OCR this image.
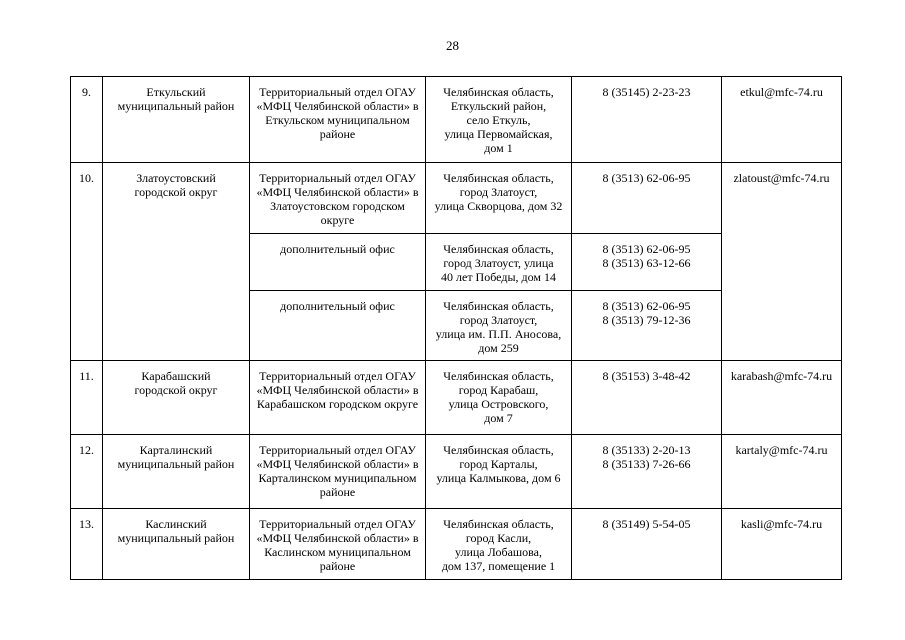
28
9.	Еткульский
муниципальный район	Территориальный отдел ОГАУ
«МФЦ Челябинской области» в
Еткульском муниципальном
районе	Челябинская область,
Еткульский район,
село Еткуль,
улица Первомайская,
дом 1	8 (35145) 2-23-23	etkul@mfc-74.ru
10.	Златоустовский
городской округ	Территориальный отдел ОГАУ
«МФЦ Челябинской области» в
Златоустовском городском
округе	Челябинская область,
город Златоуст,
улица Скворцова, дом 32	8 (3513) 62-06-95	zlatoust@mfc-74.ru
		дополнительный офис	Челябинская область,
город Златоуст, улица
40 лет Победы, дом 14	8 (3513) 62-06-95
8 (3513) 63-12-66	
		дополнительный офис	Челябинская область,
город Златоуст,
улица им. П.П. Аносова,
дом 259	8 (3513) 62-06-95
8 (3513) 79-12-36	
11.	Карабашский
городской округ	Территориальный отдел ОГАУ
«МФЦ Челябинской области» в
Карабашском городском округе	Челябинская область,
город Карабаш,
улица Островского,
дом 7	8 (35153) 3-48-42	karabash@mfc-74.ru
12.	Карталинский
муниципальный район	Территориальный отдел ОГАУ
«МФЦ Челябинской области» в
Карталинском муниципальном
районе	Челябинская область,
город Карталы,
улица Калмыкова, дом 6	8 (35133) 2-20-13
8 (35133) 7-26-66	kartaly@mfc-74.ru
13.	Каслинский
муниципальный район	Территориальный отдел ОГАУ
«МФЦ Челябинской области» в
Каслинском муниципальном
районе	Челябинская область,
город Касли,
улица Лобашова,
дом 137, помещение 1	8 (35149) 5-54-05	kasli@mfc-74.ru
